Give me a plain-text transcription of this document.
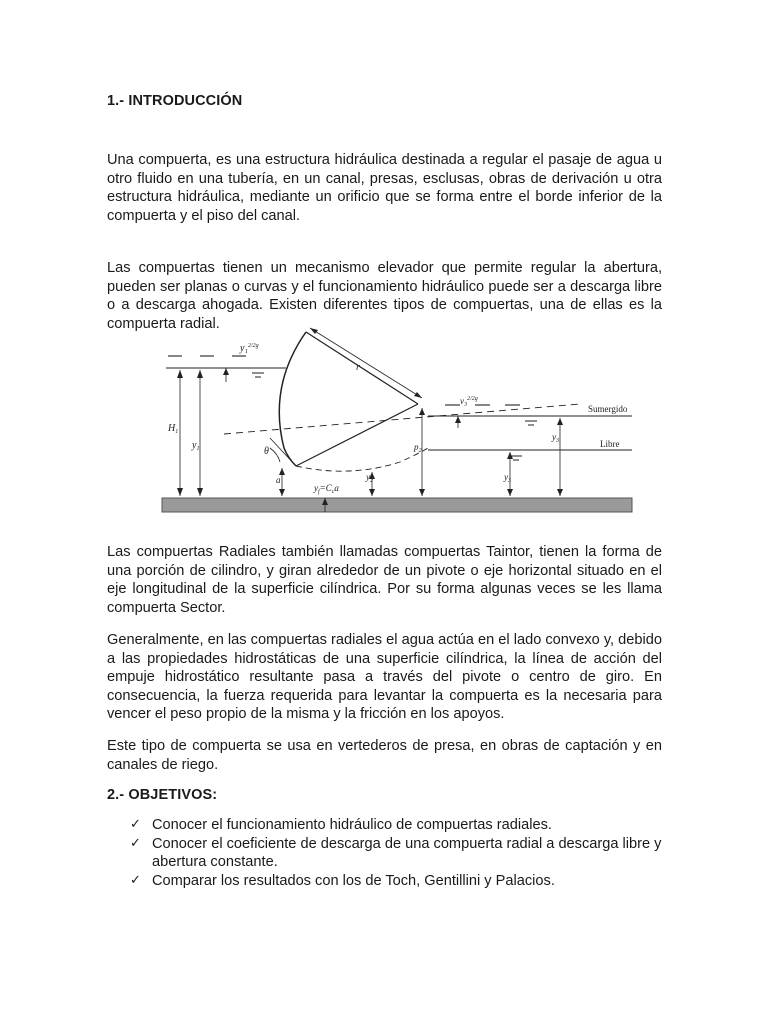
1.- INTRODUCCIÓN

Una compuerta, es una estructura hidráulica destinada a regular el pasaje de agua u otro fluido en una tubería, en un canal, presas, esclusas, obras de derivación u otra estructura hidráulica, mediante un orificio que se forma entre el borde inferior de la compuerta y el piso del canal.

Las compuertas tienen un mecanismo elevador que permite regular la abertura, pueden ser planas o curvas y el funcionamiento hidráulico puede ser a descarga libre o a descarga ahogada. Existen diferentes tipos de compuertas, una de ellas es la compuerta radial.

y₁$^{2/2g}$
r
v₃$^{2/2g}$
Sumergido
Libre
$H_1$
$y_1$	θ
a
$y_f=C_ca$
$y_2$
$p_2$
$y_3$
$y_3$

Las compuertas Radiales también llamadas compuertas Taintor, tienen la forma de una porción de cilindro, y giran alrededor de un pivote o eje horizontal situado en el eje longitudinal de la superficie cilíndrica. Por su forma algunas veces se les llama compuerta Sector.

Generalmente, en las compuertas radiales el agua actúa en el lado convexo y, debido a las propiedades hidrostáticas de una superficie cilíndrica, la línea de acción del empuje hidrostático resultante pasa a través del pivote o centro de giro. En consecuencia, la fuerza requerida para levantar la compuerta es la necesaria para vencer el peso propio de la misma y la fricción en los apoyos.

Este tipo de compuerta se usa en vertederos de presa, en obras de captación y en canales de riego.

2.- OBJETIVOS:
✓ Conocer el funcionamiento hidráulico de compuertas radiales.
✓ Conocer el coeficiente de descarga de una compuerta radial a descarga libre y abertura constante.
✓ Comparar los resultados con los de Toch, Gentillini y Palacios.
